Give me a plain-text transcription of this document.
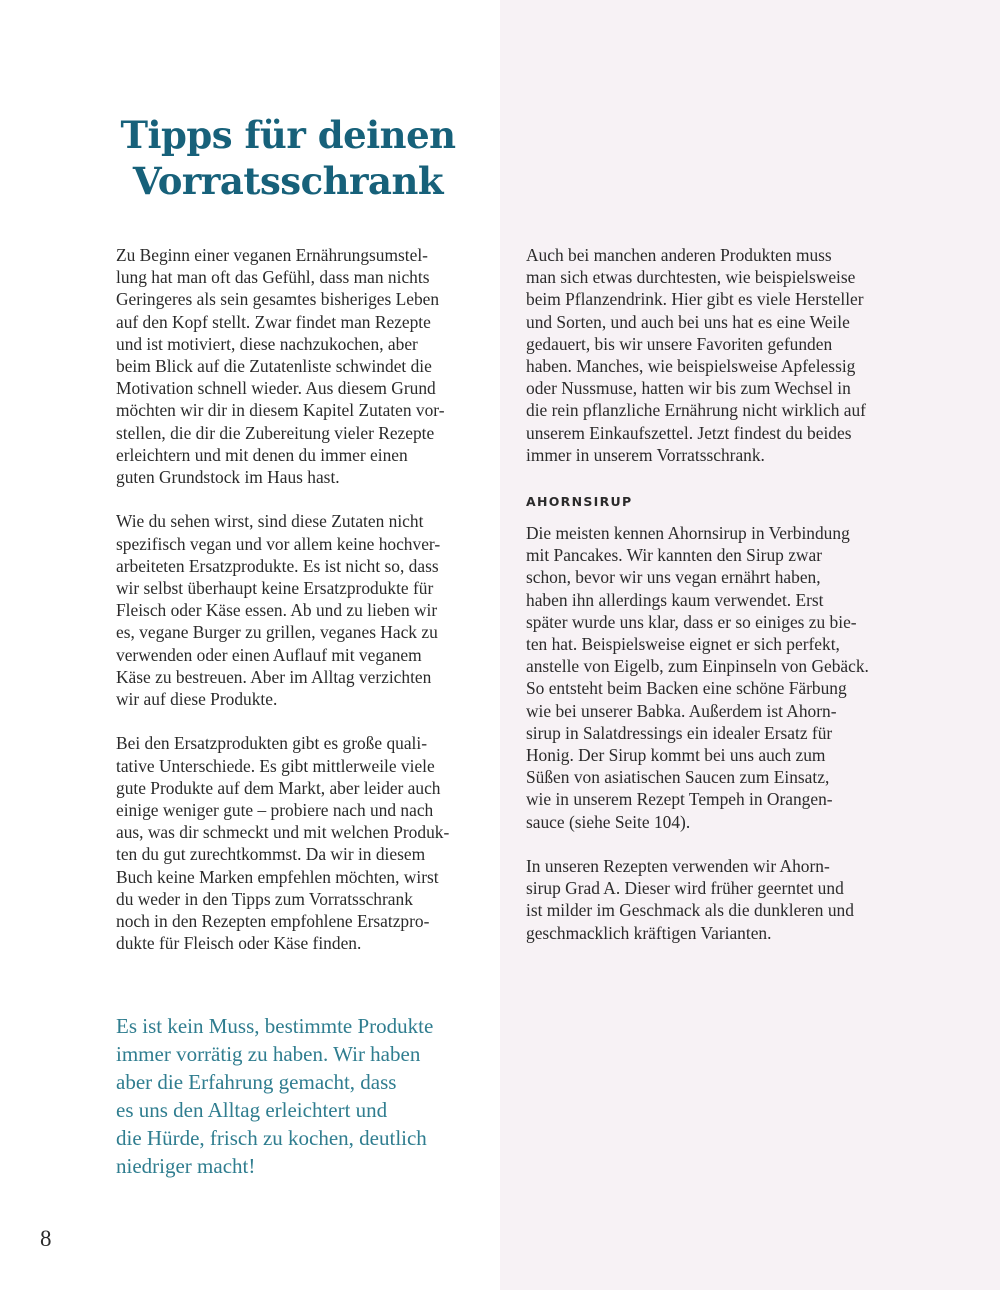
Tipps für deinen
Vorratsschrank

Zu Beginn einer veganen Ernährungsumstel-
lung hat man oft das Gefühl, dass man nichts
Geringeres als sein gesamtes bisheriges Leben
auf den Kopf stellt. Zwar findet man Rezepte
und ist motiviert, diese nachzukochen, aber
beim Blick auf die Zutatenliste schwindet die
Motivation schnell wieder. Aus diesem Grund
möchten wir dir in diesem Kapitel Zutaten vor-
stellen, die dir die Zubereitung vieler Rezepte
erleichtern und mit denen du immer einen
guten Grundstock im Haus hast.

Wie du sehen wirst, sind diese Zutaten nicht
spezifisch vegan und vor allem keine hochver-
arbeiteten Ersatzprodukte. Es ist nicht so, dass
wir selbst überhaupt keine Ersatzprodukte für
Fleisch oder Käse essen. Ab und zu lieben wir
es, vegane Burger zu grillen, veganes Hack zu
verwenden oder einen Auflauf mit veganem
Käse zu bestreuen. Aber im Alltag verzichten
wir auf diese Produkte.

Bei den Ersatzprodukten gibt es große quali-
tative Unterschiede. Es gibt mittlerweile viele
gute Produkte auf dem Markt, aber leider auch
einige weniger gute – probiere nach und nach
aus, was dir schmeckt und mit welchen Produk-
ten du gut zurechtkommst. Da wir in diesem
Buch keine Marken empfehlen möchten, wirst
du weder in den Tipps zum Vorratsschrank
noch in den Rezepten empfohlene Ersatzpro-
dukte für Fleisch oder Käse finden.

Es ist kein Muss, bestimmte Produkte
immer vorrätig zu haben. Wir haben
aber die Erfahrung gemacht, dass
es uns den Alltag erleichtert und
die Hürde, frisch zu kochen, deutlich
niedriger macht!

Auch bei manchen anderen Produkten muss
man sich etwas durchtesten, wie beispielsweise
beim Pflanzendrink. Hier gibt es viele Hersteller
und Sorten, und auch bei uns hat es eine Weile
gedauert, bis wir unsere Favoriten gefunden
haben. Manches, wie beispielsweise Apfelessig
oder Nussmuse, hatten wir bis zum Wechsel in
die rein pflanzliche Ernährung nicht wirklich auf
unserem Einkaufszettel. Jetzt findest du beides
immer in unserem Vorratsschrank.

AHORNSIRUP

Die meisten kennen Ahornsirup in Verbindung
mit Pancakes. Wir kannten den Sirup zwar
schon, bevor wir uns vegan ernährt haben,
haben ihn allerdings kaum verwendet. Erst
später wurde uns klar, dass er so einiges zu bie-
ten hat. Beispielsweise eignet er sich perfekt,
anstelle von Eigelb, zum Einpinseln von Gebäck.
So entsteht beim Backen eine schöne Färbung
wie bei unserer Babka. Außerdem ist Ahorn-
sirup in Salatdressings ein idealer Ersatz für
Honig. Der Sirup kommt bei uns auch zum
Süßen von asiatischen Saucen zum Einsatz,
wie in unserem Rezept Tempeh in Orangen-
sauce (siehe Seite 104).

In unseren Rezepten verwenden wir Ahorn-
sirup Grad A. Dieser wird früher geerntet und
ist milder im Geschmack als die dunkleren und
geschmacklich kräftigen Varianten.

8
